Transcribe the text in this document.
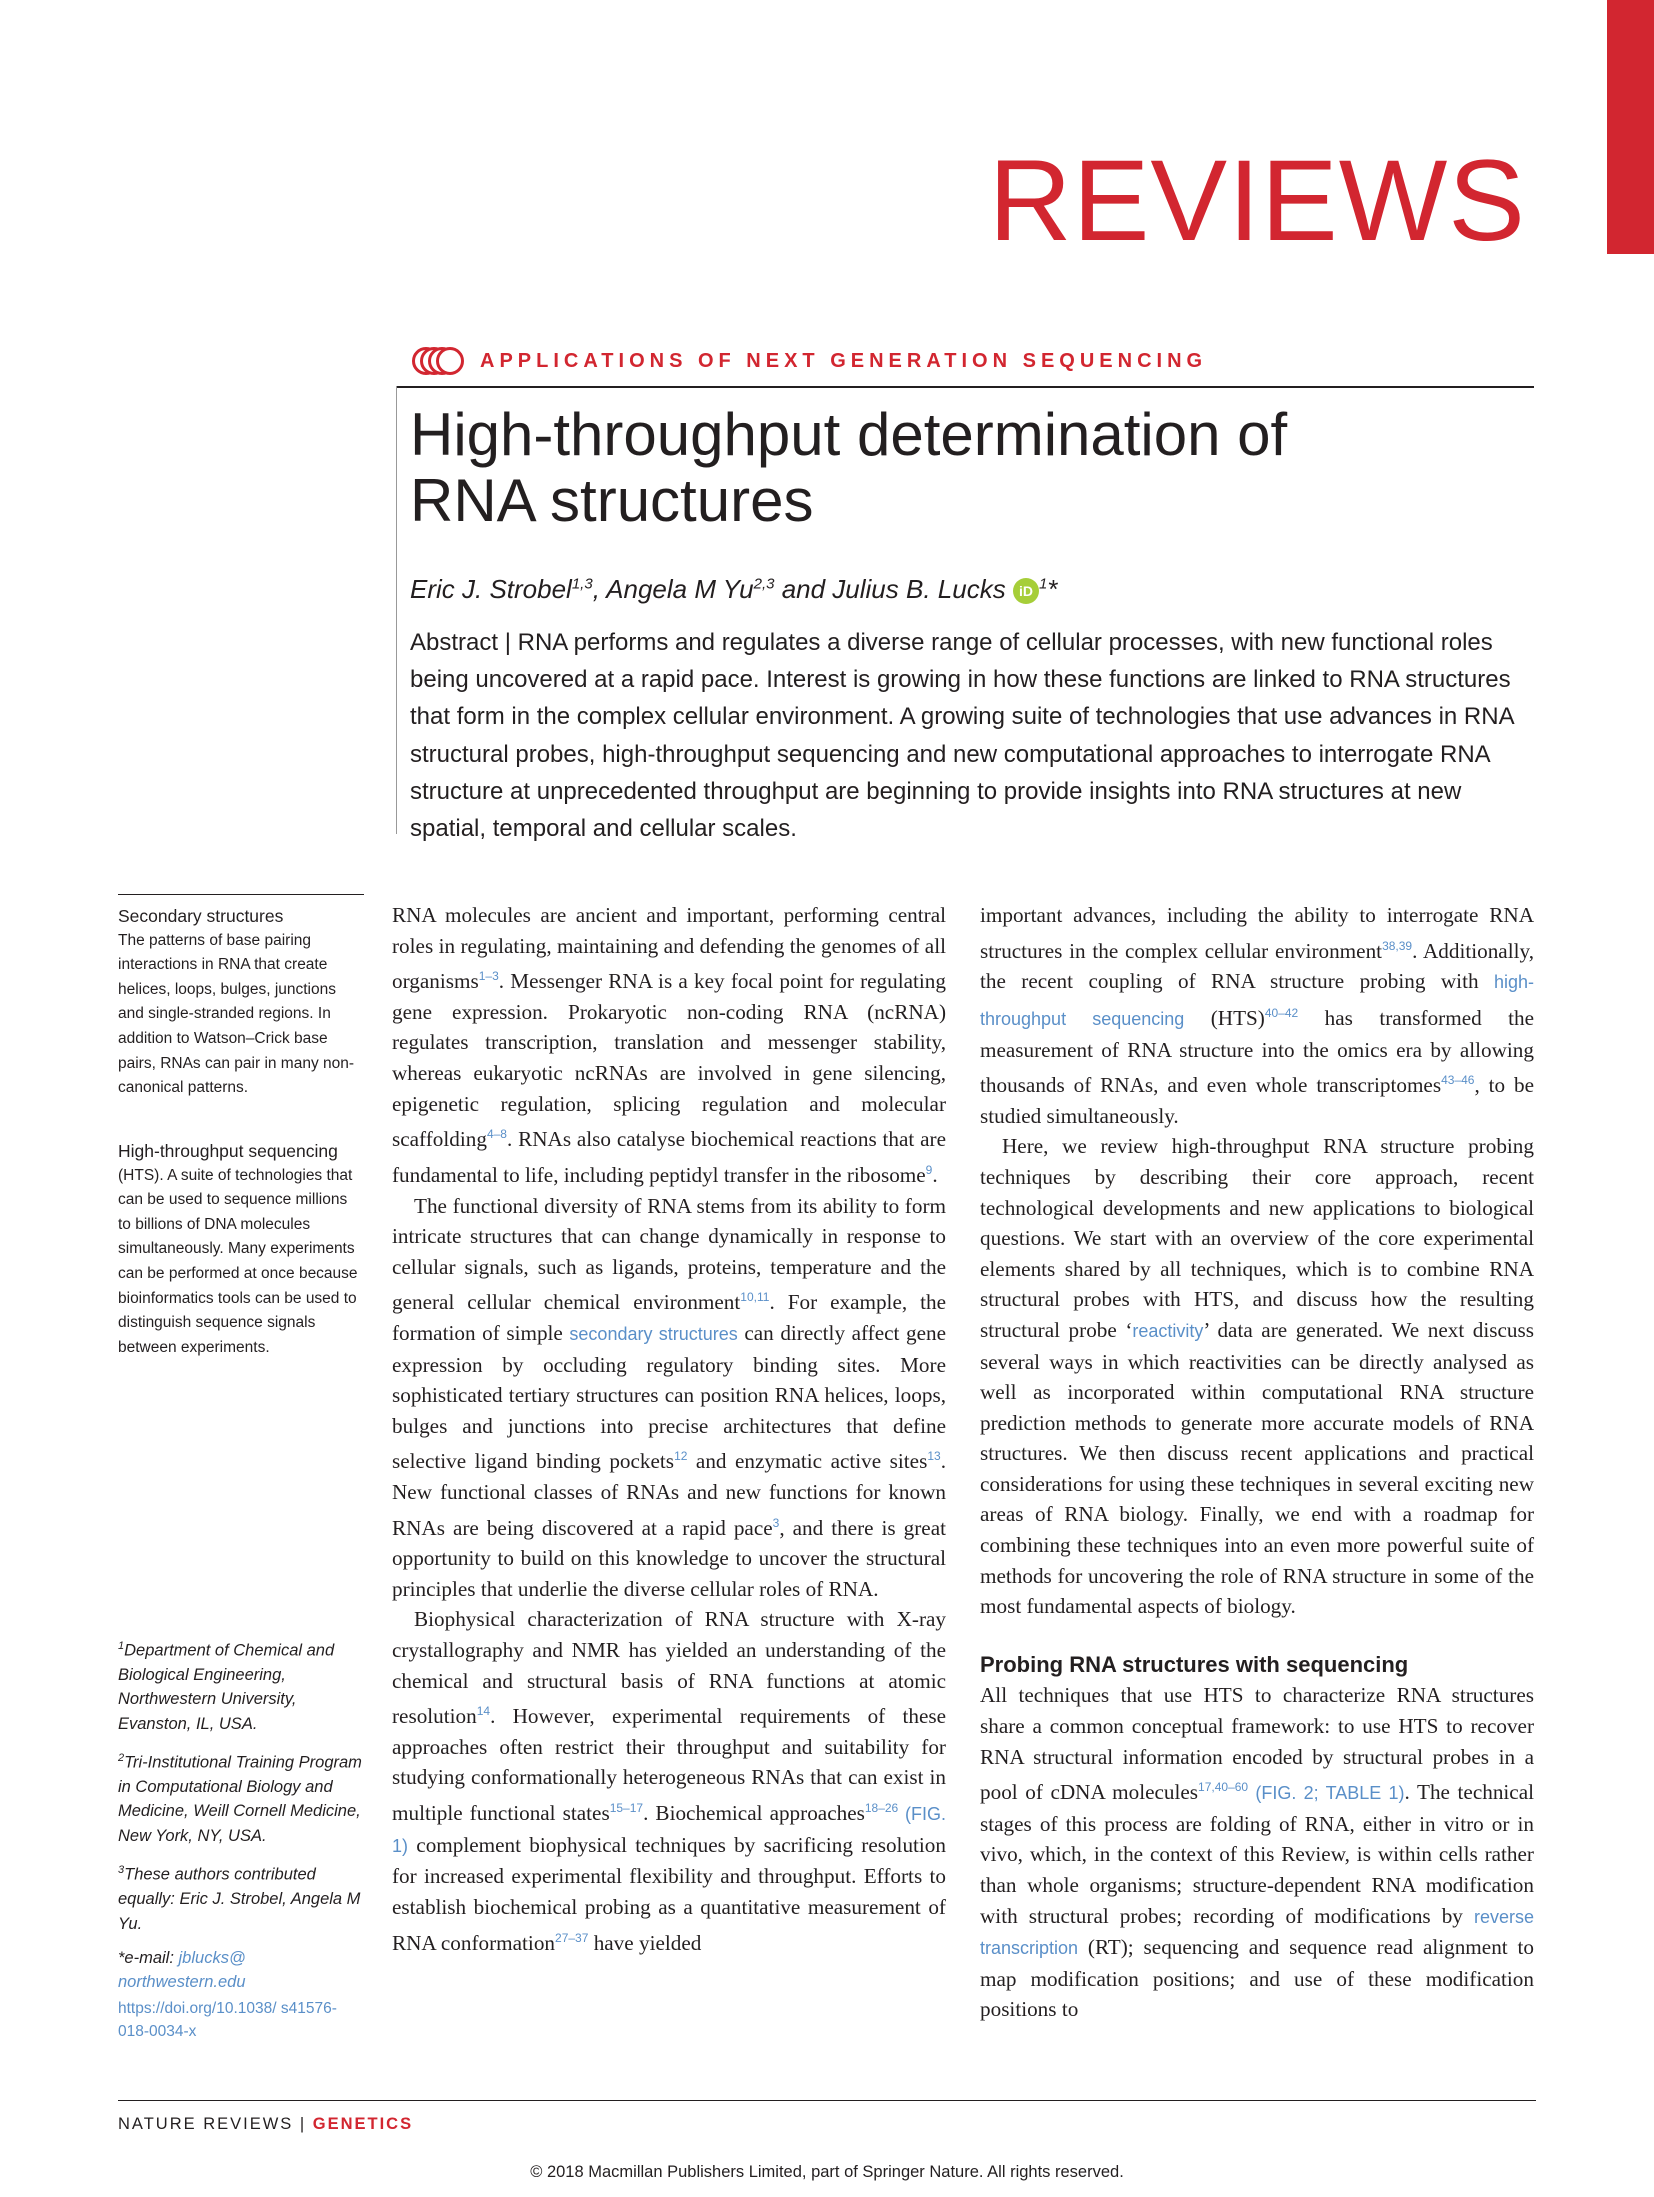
REVIEWS
APPLICATIONS OF NEXT GENERATION SEQUENCING
High-throughput determination of
RNA structures
Eric J. Strobel$^{1,3}$, Angela M Yu$^{2,3}$ and Julius B. Lucks iD $^1$*
Abstract | RNA performs and regulates a diverse range of cellular processes, with new functional roles being uncovered at a rapid pace. Interest is growing in how these functions are linked to RNA structures that form in the complex cellular environment. A growing suite of technologies that use advances in RNA structural probes, high-throughput sequencing and new computational approaches to interrogate RNA structure at unprecedented throughput are beginning to provide insights into RNA structures at new spatial, temporal and cellular scales.
Secondary structures
The patterns of base pairing interactions in RNA that create helices, loops, bulges, junctions and single-stranded regions. In addition to Watson–Crick base pairs, RNAs can pair in many non-canonical patterns.
High-throughput sequencing
(HTS). A suite of technologies that can be used to sequence millions to billions of DNA molecules simultaneously. Many experiments can be performed at once because bioinformatics tools can be used to distinguish sequence signals between experiments.

$^1$Department of Chemical and Biological Engineering, Northwestern University, Evanston, IL, USA.

$^2$Tri-Institutional Training Program in Computational Biology and Medicine, Weill Cornell Medicine, New York, NY, USA.

$^3$These authors contributed equally: Eric J. Strobel, Angela M Yu.

*e-mail: jblucks@ northwestern.edu

https://doi.org/10.1038/ s41576-018-0034-x

RNA molecules are ancient and important, performing central roles in regulating, maintaining and defending the genomes of all organisms$^{1-3}$. Messenger RNA is a key focal point for regulating gene expression. Prokaryotic non-coding RNA (ncRNA) regulates transcription, translation and messenger stability, whereas eukaryotic ncRNAs are involved in gene silencing, epigenetic regulation, splicing regulation and molecular scaffolding$^{4-8}$. RNAs also catalyse biochemical reactions that are fundamental to life, including peptidyl transfer in the ribosome$^9$.

The functional diversity of RNA stems from its ability to form intricate structures that can change dynamically in response to cellular signals, such as ligands, proteins, temperature and the general cellular chemical environment$^{10,11}$. For example, the formation of simple secondary structures can directly affect gene expression by occluding regulatory binding sites. More sophisticated tertiary structures can position RNA helices, loops, bulges and junctions into precise architectures that define selective ligand binding pockets$^{12}$ and enzymatic active sites$^{13}$. New functional classes of RNAs and new functions for known RNAs are being discovered at a rapid pace$^3$, and there is great opportunity to build on this knowledge to uncover the structural principles that underlie the diverse cellular roles of RNA.

Biophysical characterization of RNA structure with X-ray crystallography and NMR has yielded an understanding of the chemical and structural basis of RNA functions at atomic resolution$^{14}$. However, experimental requirements of these approaches often restrict their throughput and suitability for studying conformationally heterogeneous RNAs that can exist in multiple functional states$^{15-17}$. Biochemical approaches$^{18-26}$ (FIG. 1) complement biophysical techniques by sacrificing resolution for increased experimental flexibility and throughput. Efforts to establish biochemical probing as a quantitative measurement of RNA conformation$^{27-37}$ have yielded

important advances, including the ability to interrogate RNA structures in the complex cellular environment$^{38,39}$. Additionally, the recent coupling of RNA structure probing with high-throughput sequencing (HTS)$^{40-42}$ has transformed the measurement of RNA structure into the omics era by allowing thousands of RNAs, and even whole transcriptomes$^{43-46}$, to be studied simultaneously.

Here, we review high-throughput RNA structure probing techniques by describing their core approach, recent technological developments and new applications to biological questions. We start with an overview of the core experimental elements shared by all techniques, which is to combine RNA structural probes with HTS, and discuss how the resulting structural probe ‘reactivity’ data are generated. We next discuss several ways in which reactivities can be directly analysed as well as incorporated within computational RNA structure prediction methods to generate more accurate models of RNA structures. We then discuss recent applications and practical considerations for using these techniques in several exciting new areas of RNA biology. Finally, we end with a roadmap for combining these techniques into an even more powerful suite of methods for uncovering the role of RNA structure in some of the most fundamental aspects of biology.

Probing RNA structures with sequencing

All techniques that use HTS to characterize RNA structures share a common conceptual framework: to use HTS to recover RNA structural information encoded by structural probes in a pool of cDNA molecules$^{17,40-60}$ (FIG. 2; TABLE 1). The technical stages of this process are folding of RNA, either in vitro or in vivo, which, in the context of this Review, is within cells rather than whole organisms; structure-dependent RNA modification with structural probes; recording of modifications by reverse transcription (RT); sequencing and sequence read alignment to map modification positions; and use of these modification positions to

NATURE REVIEWS | GENETICS
© 2018 Macmillan Publishers Limited, part of Springer Nature. All rights reserved.
